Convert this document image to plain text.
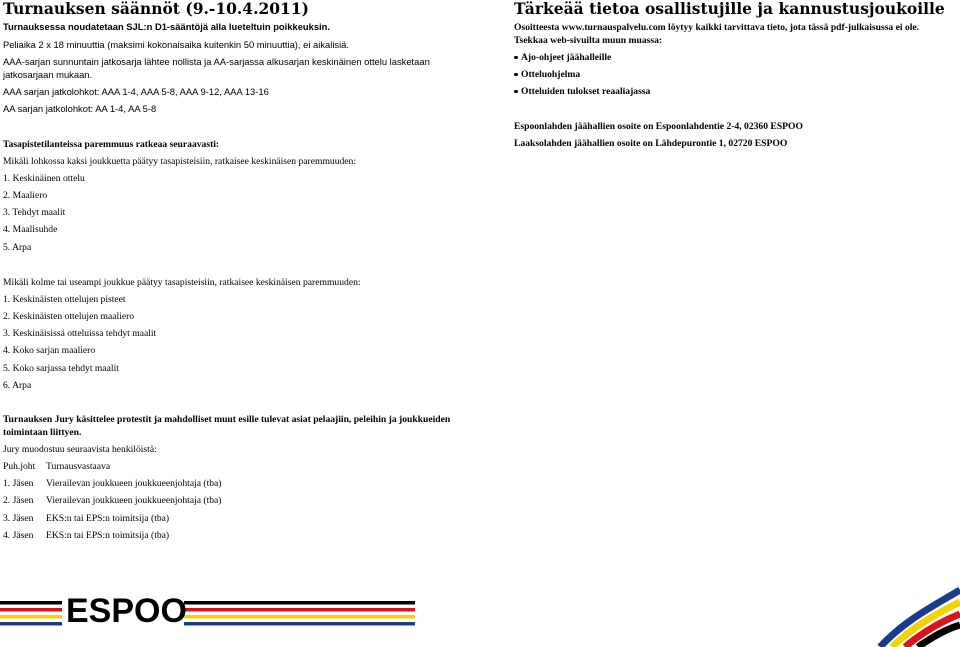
Turnauksen säännöt (9.-10.4.2011)

Turnauksessa noudatetaan SJL:n D1-sääntöjä alla lueteltuin poikkeuksin.

Peliaika 2 x 18 minuuttia (maksimi kokonaisaika kuitenkin 50 minuuttia), ei aikalisiä.

AAA-sarjan sunnuntain jatkosarja lähtee nollista ja AA-sarjassa alkusarjan keskinäinen ottelu lasketaan jatkosarjaan mukaan.

AAA sarjan jatkolohkot: AAA 1-4, AAA 5-8, AAA 9-12, AAA 13-16

AA sarjan jatkolohkot: AA 1-4, AA 5-8

Tasapistetilanteissa paremmuus ratkeaa seuraavasti:

Mikäli lohkossa kaksi joukkuetta päätyy tasapisteisiin, ratkaisee keskinäisen paremmuuden:

1. Keskinäinen ottelu

2. Maaliero

3. Tehdyt maalit

4. Maalisuhde

5. Arpa

Mikäli kolme tai useampi joukkue päätyy tasapisteisiin, ratkaisee keskinäisen paremmuuden:

1. Keskinäisten ottelujen pisteet

2. Keskinäisten ottelujen maaliero

3. Keskinäisissä otteluissa tehdyt maalit

4. Koko sarjan maaliero

5. Koko sarjassa tehdyt maalit

6. Arpa

Turnauksen Jury käsittelee protestit ja mahdolliset muut esille tulevat asiat pelaajiin, peleihin ja joukkueiden toimintaan liittyen.

Jury muodostuu seuraavista henkilöistä:

Puh.joht Turnausvastaava
1. Jäsen Vierailevan joukkueen joukkueenjohtaja (tba)
2. Jäsen Vierailevan joukkueen joukkueenjohtaja (tba)
3. Jäsen EKS:n tai EPS:n toimitsija (tba)
4. Jäsen EKS:n tai EPS:n toimitsija (tba)
Tärkeää tietoa osallistujille ja kannustusjoukoille

Osoitteesta www.turnauspalvelu.com löytyy kaikki tarvittava tieto, jota tässä pdf-julkaisussa ei ole. Tsekkaa web-sivuilta muun muassa:

Ajo-ohjeet jäähalleille
Otteluohjelma
Otteluiden tulokset reaaliajassa

Espoonlahden jäähallien osoite on Espoonlahdentie 2-4, 02360 ESPOO

Laaksolahden jäähallien osoite on Lähdepurontie 1, 02720 ESPOO

ESPOO
